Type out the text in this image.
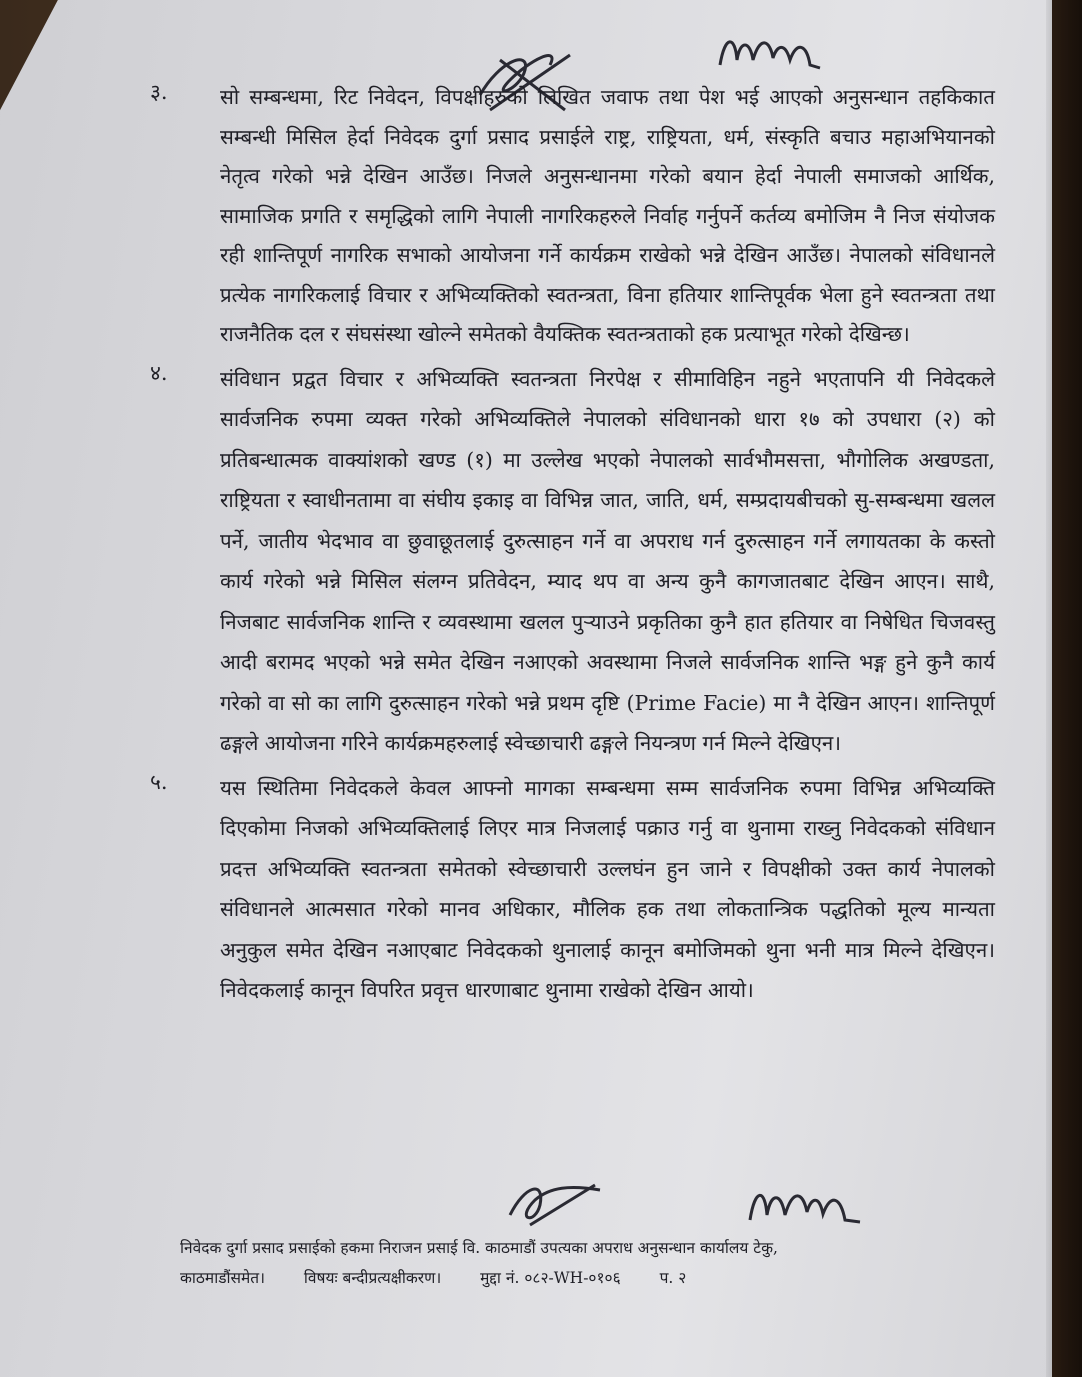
३.	सो सम्बन्धमा, रिट निवेदन, विपक्षीहरुको लिखित जवाफ तथा पेश भई आएको अनुसन्धान तहकिकात सम्बन्धी मिसिल हेर्दा निवेदक दुर्गा प्रसाद प्रसाईले राष्ट्र, राष्ट्रियता, धर्म, संस्कृति बचाउ महाअभियानको नेतृत्व गरेको भन्ने देखिन आउँछ। निजले अनुसन्धानमा गरेको बयान हेर्दा नेपाली समाजको आर्थिक, सामाजिक प्रगति र समृद्धिको लागि नेपाली नागरिकहरुले निर्वाह गर्नुपर्ने कर्तव्य बमोजिम नै निज संयोजक रही शान्तिपूर्ण नागरिक सभाको आयोजना गर्ने कार्यक्रम राखेको भन्ने देखिन आउँछ। नेपालको संविधानले प्रत्येक नागरिकलाई विचार र अभिव्यक्तिको स्वतन्त्रता, विना हतियार शान्तिपूर्वक भेला हुने स्वतन्त्रता तथा राजनैतिक दल र संघसंस्था खोल्ने समेतको वैयक्तिक स्वतन्त्रताको हक प्रत्याभूत गरेको देखिन्छ।
४.	संविधान प्रद्वत विचार र अभिव्यक्ति स्वतन्त्रता निरपेक्ष र सीमाविहिन नहुने भएतापनि यी निवेदकले सार्वजनिक रुपमा व्यक्त गरेको अभिव्यक्तिले नेपालको संविधानको धारा १७ को उपधारा (२) को प्रतिबन्धात्मक वाक्यांशको खण्ड (१) मा उल्लेख भएको नेपालको सार्वभौमसत्ता, भौगोलिक अखण्डता, राष्ट्रियता र स्वाधीनतामा वा संघीय इकाइ वा विभिन्न जात, जाति, धर्म, सम्प्रदायबीचको सु-सम्बन्धमा खलल पर्ने, जातीय भेदभाव वा छुवाछूतलाई दुरुत्साहन गर्ने वा अपराध गर्न दुरुत्साहन गर्ने लगायतका के कस्तो कार्य गरेको भन्ने मिसिल संलग्न प्रतिवेदन, म्याद थप वा अन्य कुनै कागजातबाट देखिन आएन। साथै, निजबाट सार्वजनिक शान्ति र व्यवस्थामा खलल पुऱ्याउने प्रकृतिका कुनै हात हतियार वा निषेधित चिजवस्तु आदी बरामद भएको भन्ने समेत देखिन नआएको अवस्थामा निजले सार्वजनिक शान्ति भङ्ग हुने कुनै कार्य गरेको वा सो का लागि दुरुत्साहन गरेको भन्ने प्रथम दृष्टि (Prime Facie) मा नै देखिन आएन। शान्तिपूर्ण ढङ्गले आयोजना गरिने कार्यक्रमहरुलाई स्वेच्छाचारी ढङ्गले नियन्त्रण गर्न मिल्ने देखिएन।
५.	यस स्थितिमा निवेदकले केवल आफ्नो मागका सम्बन्धमा सम्म सार्वजनिक रुपमा विभिन्न अभिव्यक्ति दिएकोमा निजको अभिव्यक्तिलाई लिएर मात्र निजलाई पक्राउ गर्नु वा थुनामा राख्नु निवेदकको संविधान प्रदत्त अभिव्यक्ति स्वतन्त्रता समेतको स्वेच्छाचारी उल्लघंन हुन जाने र विपक्षीको उक्त कार्य नेपालको संविधानले आत्मसात गरेको मानव अधिकार, मौलिक हक तथा लोकतान्त्रिक पद्धतिको मूल्य मान्यता अनुकुल समेत देखिन नआएबाट निवेदकको थुनालाई कानून बमोजिमको थुना भनी मात्र मिल्ने देखिएन। निवेदकलाई कानून विपरित प्रवृत्त धारणाबाट थुनामा राखेको देखिन आयो।
निवेदक दुर्गा प्रसाद प्रसाईको हकमा निराजन प्रसाई वि. काठमाडौं उपत्यका अपराध अनुसन्धान कार्यालय टेकु,
काठमाडौंसमेत।	विषयः बन्दीप्रत्यक्षीकरण।	मुद्दा नं. ०८२-WH-०१०६	प. २
